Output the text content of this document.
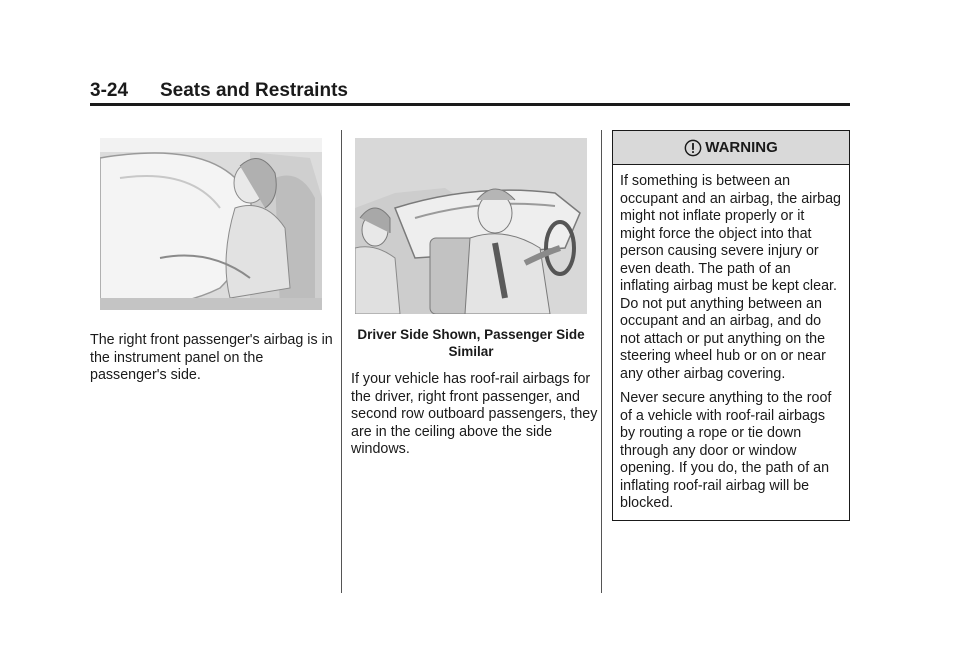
3-24 Seats and Restraints
The right front passenger's airbag is in the instrument panel on the passenger's side.
Driver Side Shown, Passenger Side Similar
If your vehicle has roof-rail airbags for the driver, right front passenger, and second row outboard passengers, they are in the ceiling above the side windows.
WARNING

If something is between an occupant and an airbag, the airbag might not inflate properly or it might force the object into that person causing severe injury or even death. The path of an inflating airbag must be kept clear. Do not put anything between an occupant and an airbag, and do not attach or put anything on the steering wheel hub or on or near any other airbag covering.

Never secure anything to the roof of a vehicle with roof-rail airbags by routing a rope or tie down through any door or window opening. If you do, the path of an inflating roof-rail airbag will be blocked.
